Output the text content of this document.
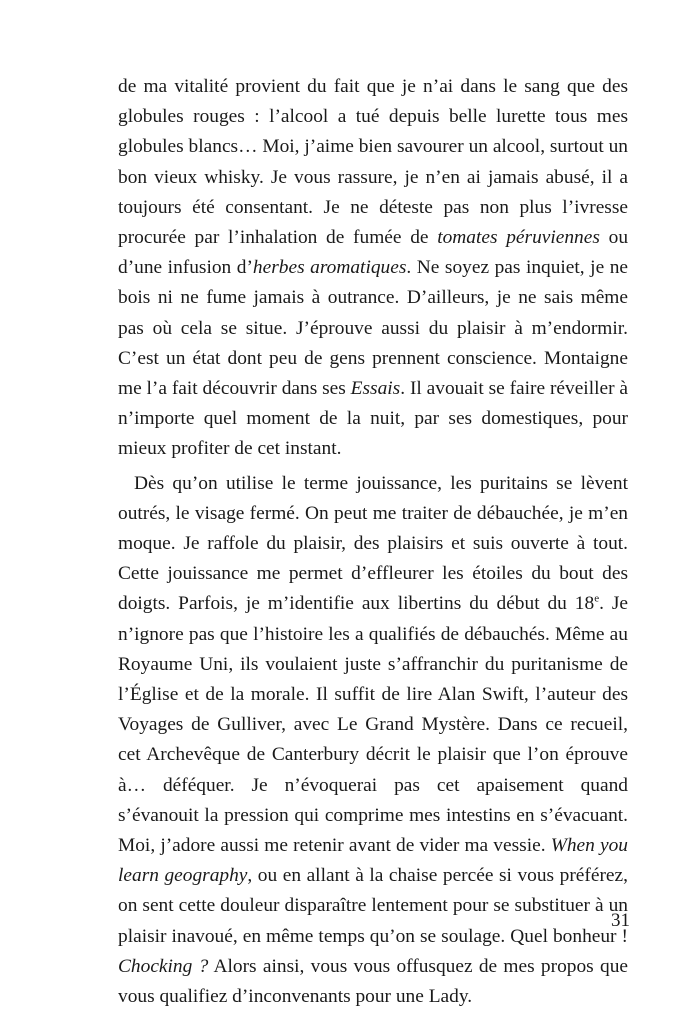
de ma vitalité provient du fait que je n’ai dans le sang que des globules rouges : l’alcool a tué depuis belle lurette tous mes globules blancs… Moi, j’aime bien savourer un alcool, surtout un bon vieux whisky. Je vous rassure, je n’en ai jamais abusé, il a toujours été consentant. Je ne déteste pas non plus l’ivresse procurée par l’inhalation de fumée de tomates péruviennes ou d’une infusion d’herbes aromatiques. Ne soyez pas inquiet, je ne bois ni ne fume jamais à outrance. D’ailleurs, je ne sais même pas où cela se situe. J’éprouve aussi du plaisir à m’endormir. C’est un état dont peu de gens prennent conscience. Montaigne me l’a fait découvrir dans ses Essais. Il avouait se faire réveiller à n’importe quel moment de la nuit, par ses domestiques, pour mieux profiter de cet instant.

Dès qu’on utilise le terme jouissance, les puritains se lèvent outrés, le visage fermé. On peut me traiter de débauchée, je m’en moque. Je raffole du plaisir, des plaisirs et suis ouverte à tout. Cette jouissance me permet d’effleurer les étoiles du bout des doigts. Parfois, je m’identifie aux libertins du début du 18e. Je n’ignore pas que l’histoire les a qualifiés de débauchés. Même au Royaume Uni, ils voulaient juste s’affranchir du puritanisme de l’Église et de la morale. Il suffit de lire Alan Swift, l’auteur des Voyages de Gulliver, avec Le Grand Mystère. Dans ce recueil, cet Archevêque de Canterbury décrit le plaisir que l’on éprouve à… déféquer. Je n’évoquerai pas cet apaisement quand s’évanouit la pression qui comprime mes intestins en s’évacuant. Moi, j’adore aussi me retenir avant de vider ma vessie. When you learn geography, ou en allant à la chaise percée si vous préférez, on sent cette douleur disparaître lentement pour se substituer à un plaisir inavoué, en même temps qu’on se soulage. Quel bonheur ! Chocking ? Alors ainsi, vous vous offusquez de mes propos que vous qualifiez d’inconvenants pour une Lady.

31
